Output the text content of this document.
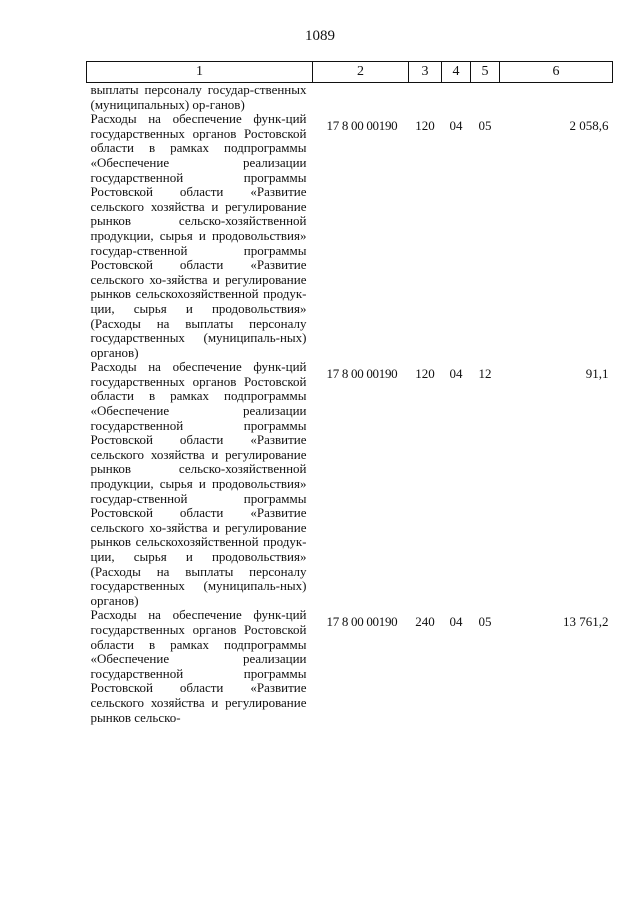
1089
1	2	3	4	5	6
выплаты персоналу государ-ственных (муниципальных) ор-ганов)					
Расходы на обеспечение функ-ций государственных органов Ростовской области в рамках подпрограммы «Обеспечение реализации государственной программы Ростовской области «Развитие сельского хозяйства и регулирование рынков сельско-хозяйственной продукции, сырья и продовольствия» государ-ственной программы Ростовской области «Развитие сельского хо-зяйства и регулирование рынков сельскохозяйственной продук-ции, сырья и продовольствия» (Расходы на выплаты персоналу государственных (муниципаль-ных) органов)	17 8 00 00190	120	04	05	2 058,6
Расходы на обеспечение функ-ций государственных органов Ростовской области в рамках подпрограммы «Обеспечение реализации государственной программы Ростовской области «Развитие сельского хозяйства и регулирование рынков сельско-хозяйственной продукции, сырья и продовольствия» государ-ственной программы Ростовской области «Развитие сельского хо-зяйства и регулирование рынков сельскохозяйственной продук-ции, сырья и продовольствия» (Расходы на выплаты персоналу государственных (муниципаль-ных) органов)	17 8 00 00190	120	04	12	91,1
Расходы на обеспечение функ-ций государственных органов Ростовской области в рамках подпрограммы «Обеспечение реализации государственной программы Ростовской области «Развитие сельского хозяйства и регулирование рынков сельско-	17 8 00 00190	240	04	05	13 761,2
